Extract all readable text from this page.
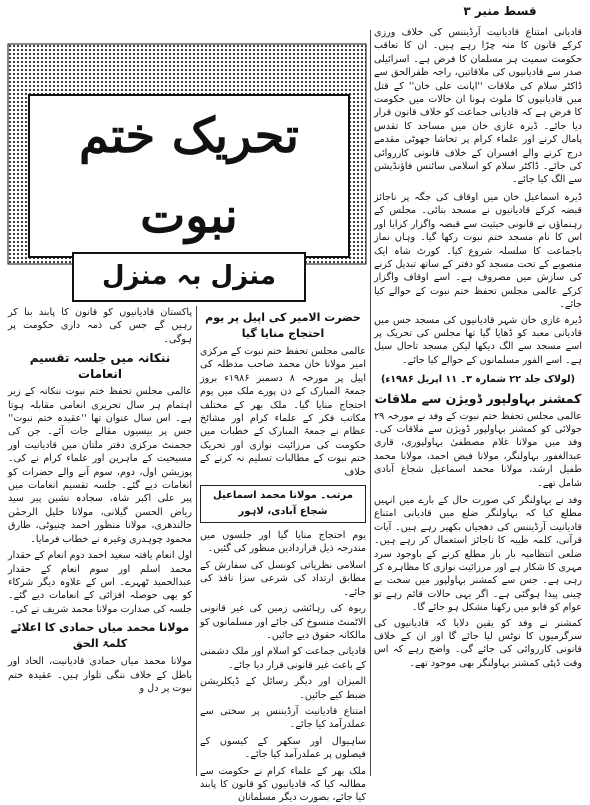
قسط منبر ۳

قادیانی امتناع قادیانیت آرڈیننس کی خلاف ورزی کرکے قانون کا منہ چڑا رہے ہیں۔ ان کا تعاقب حکومت سمیت ہر مسلمان کا فرض ہے۔ اسرائیلی صدر سے قادیانیوں کی ملاقاتیں، راجہ ظفرالحق سے ڈاکٹر سلام کی ملاقات ''اپانت علی خان'' کے قتل میں قادیانیوں کا ملوث ہونا ان حالات میں حکومت کا فرض ہے کہ قادیانی جماعت کو خلاف قانون قرار دیا جائے۔ ڈیرہ غازی خان میں مساجد کا تقدس پامال کرنے اور علماء کرام پر تحاشا جھوٹی مقدمے درج کرنے والے افسران کے خلاف قانونی کارروائی کی جائے۔ ڈاکٹر سلام کو اسلامی سائنس فاؤنڈیشن سے الگ کیا جائے۔

ڈیرہ اسماعیل خان میں اوقاف کی جگہ پر ناجائز قبضہ کرکے قادیانیوں نے مسجد بنائی۔ مجلس کے رہنماؤں نے قانونی حیثیت سے قبضہ واگزار کرایا اور اس کا نام مسجد ختم نبوت رکھا گیا۔ وہاں نماز باجماعت کا سلسلہ شروع کیا۔ کورٹ شاہ ایک منصوبے کے تحت مسجد کو دفتر کے ساتھ تبدیل کرنے کی سازش میں مصروف ہے۔ اسے اوقاف واگزار کرکے عالمی مجلس تحفظ ختم نبوت کے حوالے کیا جائے۔

ڈیرہ غازی خان شہر قادیانیوں کی مسجد جس میں قادیانی معبد کو ڈھایا گیا تھا مجلس کی تحریک پر اسے مسجد سے الگ دیکھا لیکن مسجد تاحال سیل ہے۔ اسے الفور مسلمانوں کے حوالے کیا جائے۔

(لولاک جلد ۲۲ شمارہ ۳۔ ۱۱ اپریل ۱۹۸۶ء)

کمشنر بہاولپور ڈویژن سے ملاقات

عالمی مجلس تحفظ ختم نبوت کے وفد نے مورخہ ۲۹ جولائی کو کمشنر بہاولپور ڈویژن سے ملاقات کی۔ وفد میں مولانا غلام مصطفیٰ بہاولپوری، قاری عبدالغفور بہاولنگر، مولانا فیض احمد، مولانا محمد طفیل ارشد، مولانا محمد اسماعیل شجاع آبادی شامل تھے۔

وفد نے بہاولنگر کی صورت حال کے بارے میں انہیں مطلع کیا کہ بہاولنگر ضلع میں قادیانی امتناع قادیانیت آرڈیننس کی دھجیاں بکھیر رہے ہیں۔ آیات قرآنی، کلمہ طیبہ کا ناجائز استعمال کر رہے ہیں۔ ضلعی انتظامیہ بار بار مطلع کرنے کے باوجود سرد مہری کا شکار ہے اور مرزائیت نوازی کا مظاہرہ کر رہی ہے۔ جس سے کمشنر بہاولپور میں سخت بے چینی پیدا ہوگئی ہے۔ اگر یہی حالات قائم رہے تو عوام کو قابو میں رکھنا مشکل ہو جائے گا۔

کمشنر نے وفد کو یقین دلایا کہ قادیانیوں کی سرگرمیوں کا نوٹس لیا جائے گا اور ان کے خلاف قانونی کارروائی کی جائے گی۔ واضح رہے کہ اس وقت ڈپٹی کمشنر بہاولنگر بھی موجود تھے۔

تحریک ختم نبوت
منزل بہ منزل
حضرت الامیر کی اپیل پر یوم احتجاج منایا گیا

عالمی مجلس تحفظ ختم نبوت کے مرکزی امیر مولانا خان محمد صاحب مدظلہ کی اپیل پر مورخہ ۸ دسمبر ۱۹۸۶ء بروز جمعۃ المبارک کے دن پورے ملک میں یوم احتجاج منایا گیا۔ ملک بھر کے مختلف مکاتب فکر کے علماء کرام اور مشائخ عظام نے جمعۃ المبارک کے خطبات میں حکومت کی مرزائیت نوازی اور تحریک ختم نبوت کے مطالبات تسلیم نہ کرنے کے خلاف

مرتب۔ مولانا محمد اسماعیل شجاع آبادی، لاہور

یوم احتجاج منایا گیا اور جلسوں میں مندرجہ ذیل قراردادیں منظور کی گئیں۔

اسلامی نظریاتی کونسل کی سفارش کے مطابق ارتداد کی شرعی سزا نافذ کی جائے۔

ربوہ کی رہائشی زمین کی غیر قانونی الاٹمنٹ منسوخ کی جائے اور مسلمانوں کو مالکانہ حقوق دیے جائیں۔

قادیانی جماعت کو اسلام اور ملک دشمنی کے باعث غیر قانونی قرار دیا جائے۔

المیزان اور دیگر رسائل کے ڈیکلریشن ضبط کیے جائیں۔

امتناع قادیانیت آرڈیننس پر سختی سے عملدرآمد کیا جائے۔

ساہیوال اور سکھر کے کیسوں کے فیصلوں پر عملدرآمد کیا جائے۔

ملک بھر کے علماء کرام نے حکومت سے مطالبہ کیا کہ قادیانیوں کو قانون کا پابند کیا جائے، بصورت دیگر مسلمانان

پاکستان قادیانیوں کو قانون کا پابند بنا کر رہیں گے جس کی ذمہ داری حکومت پر ہوگی۔

ننکانہ میں جلسہ تقسیم انعامات

عالمی مجلس تحفظ ختم نبوت ننکانہ کے زیر اہتمام ہر سال تحریری انعامی مقابلہ ہوتا ہے۔ اس سال عنوان تھا ''عقیدہ ختم نبوت'' جس پر بیسیوں مقالے جات آئے۔ جن کی ججمنٹ مرکزی دفتر ملتان میں قادیانیت اور مسیحیت کے ماہرین اور علماء کرام نے کی۔ پوزیشن اول، دوم، سوم آنے والے حضرات کو انعامات دیے گئے۔ جلسہ تقسیم انعامات میں پیر علی اکبر شاہ، سجادہ نشین پیر سید ریاض الحسن گیلانی، مولانا خلیل الرحمٰن جالندھری، مولانا منظور احمد چنیوٹی، طارق محمود چوہدری وغیرہ نے خطاب فرمایا۔

اول انعام یافتہ سعید احمد دوم انعام کے حقدار محمد اسلم اور سوم انعام کے حقدار عبدالحمید ٹھہرے۔ اس کے علاوہ دیگر شرکاء کو بھی حوصلہ افزائی کے انعامات دیے گئے۔ جلسہ کی صدارت مولانا محمد شریف نے کی۔

مولانا محمد میاں حمادی کا اعلائے کلمۃ الحق

مولانا محمد میاں حمادی قادیانیت، الحاد اور باطل کے خلاف ننگی تلوار ہیں۔ عقیدہ ختم نبوت پر دل و
